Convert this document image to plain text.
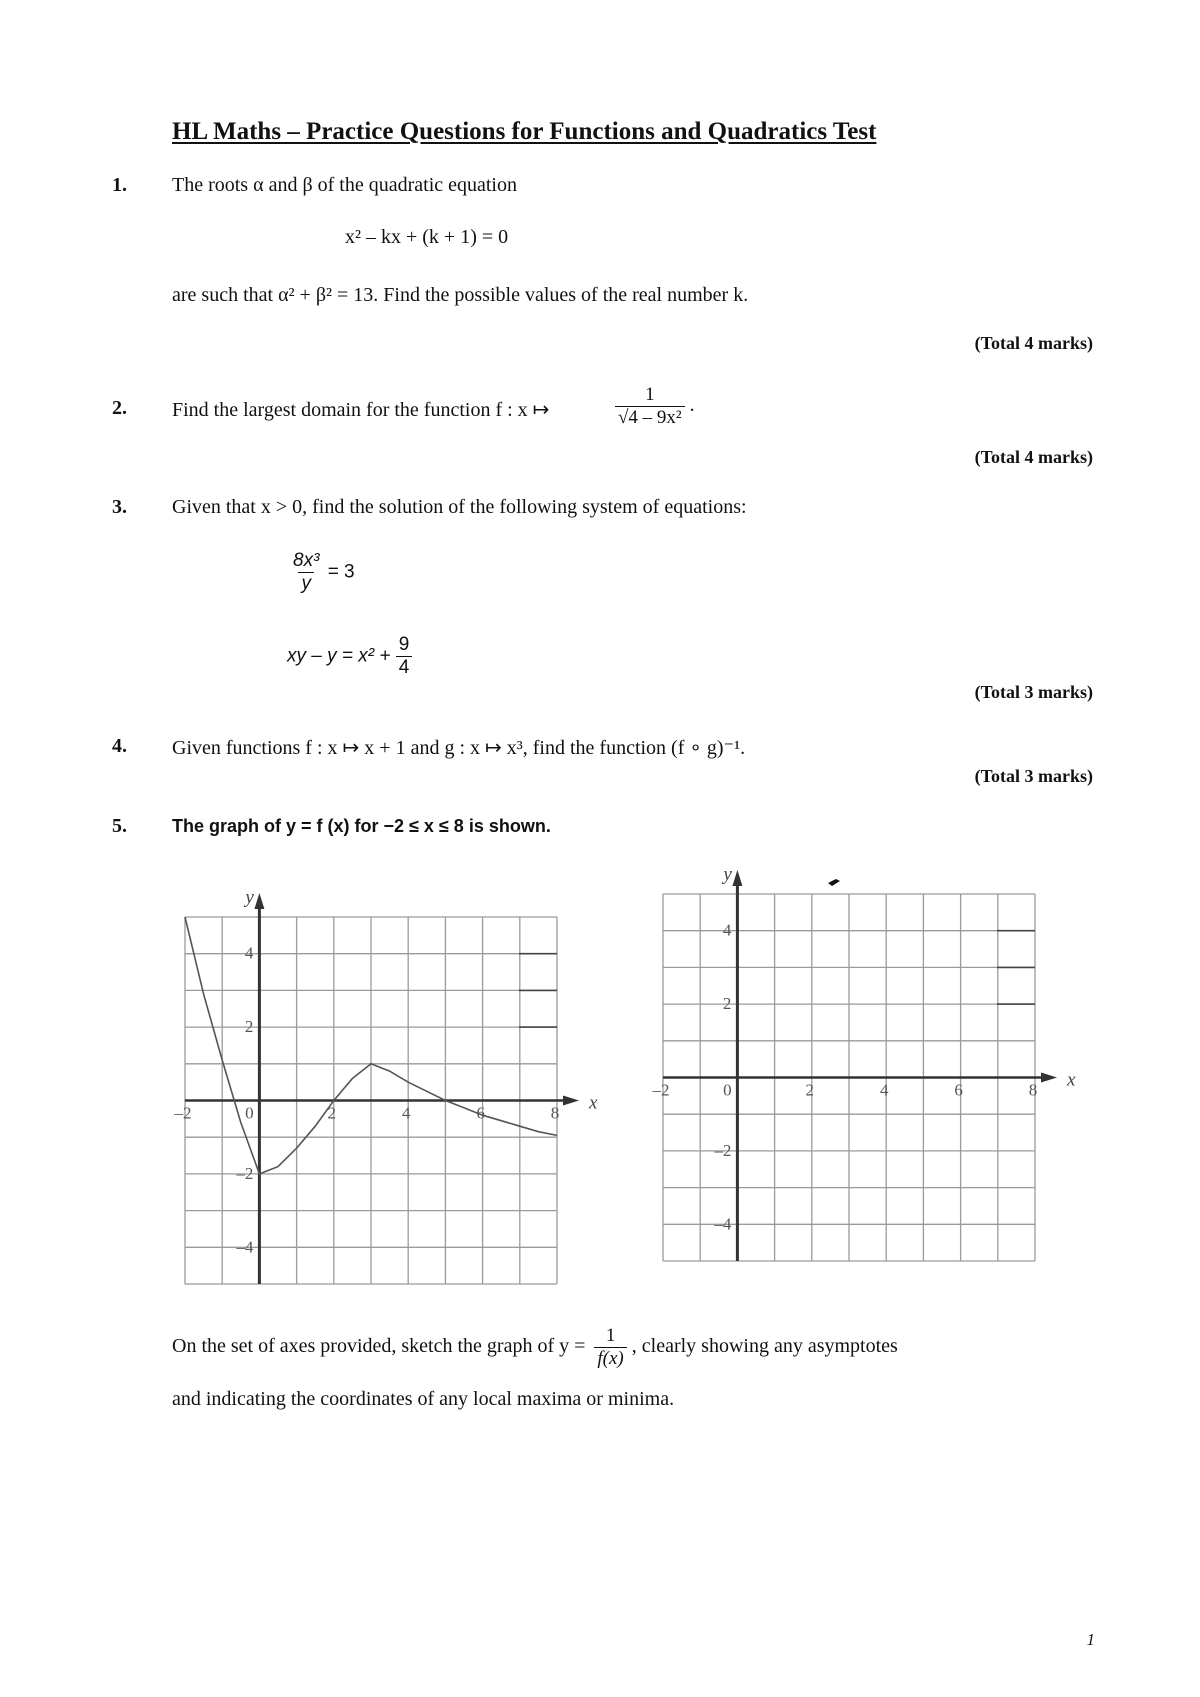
HL Maths – Practice Questions for Functions and Quadratics Test
1. The roots α and β of the quadratic equation
x² – kx + (k + 1) = 0
are such that α² + β² = 13. Find the possible values of the real number k.
(Total 4 marks)
2. Find the largest domain for the function f : x ↦	$\frac{1}{\text{√4 – 9x²}}$ .
(Total 4 marks)
3. Given that x > 0, find the solution of the following system of equations:
$\frac{\text{8x³}}{y} = 3$
xy – $y = x^2 + \frac{9}{4}$
(Total 3 marks)
4. Given functions f : x ↦ x + 1 and g : x ↦ x³, find the function (f ∘ g)⁻¹.
(Total 3 marks)
5.	The graph of y = f (x) for −2 ≤ x ≤ 8 is shown.
–2	0	2	4	6	8
4
2
–2
–4
x
y
–2	0	2	4	6	8
4
2
–2
–4
x
y
On the set of axes provided, sketch the graph of $y = \frac{1}{f(x)}$ , clearly showing any asymptotes
and indicating the coordinates of any local maxima or minima.
1
